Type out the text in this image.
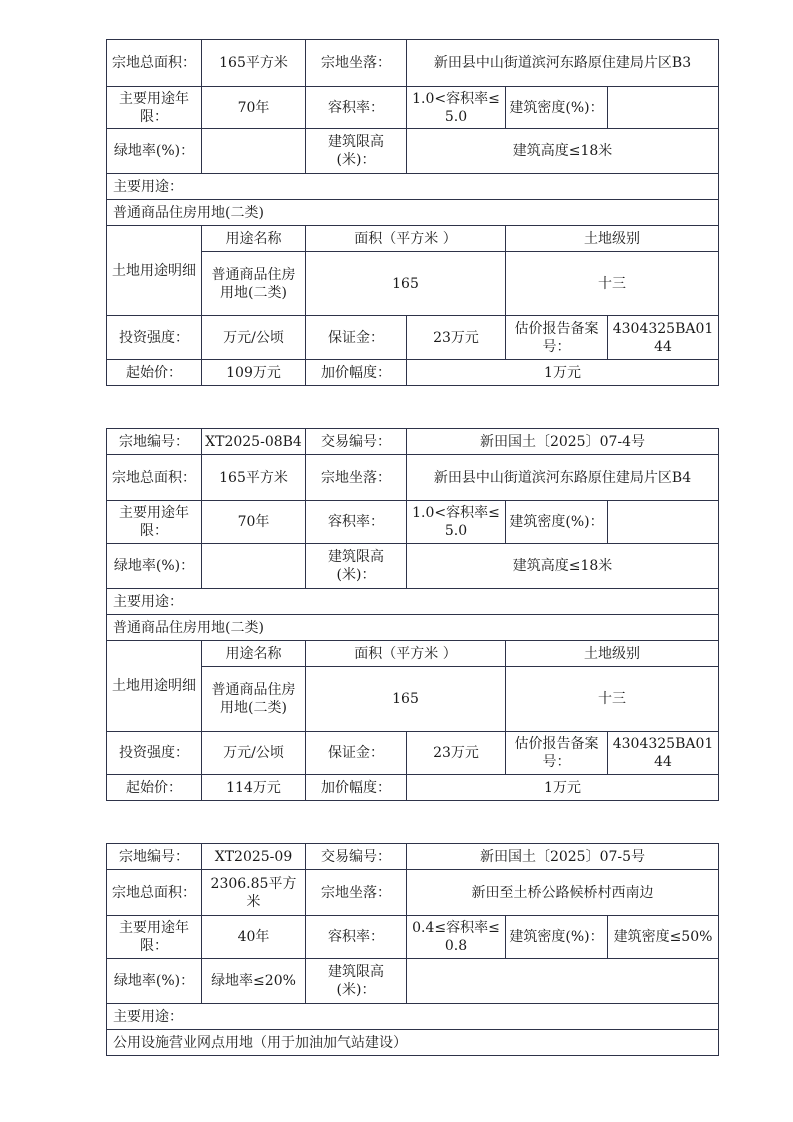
宗地总面积：	165平方米	宗地坐落：	新田县中山街道滨河东路原住建局片区B3		
主要用途年限：	70年	容积率：	1.0<容积率≤5.0	建筑密度(%)：	
绿地率(%)：		建筑限高(米)：	建筑高度≤18米		
主要用途：					
普通商品住房用地(二类)					
土地用途明细	用途名称	面积（平方米 ）		土地级别	
	普通商品住房用地(二类)	165		十三	
投资强度：	万元/公顷	保证金：	23万元	估价报告备案号：	4304325BA0144
起始价：	109万元	加价幅度：	1万元		
宗地编号：	XT2025-08B4	交易编号：	新田国土〔2025〕07-4号		
宗地总面积：	165平方米	宗地坐落：	新田县中山街道滨河东路原住建局片区B4		
主要用途年限：	70年	容积率：	1.0<容积率≤5.0	建筑密度(%)：	
绿地率(%)：		建筑限高(米)：	建筑高度≤18米		
主要用途：					
普通商品住房用地(二类)					
土地用途明细	用途名称	面积（平方米 ）		土地级别	
	普通商品住房用地(二类)	165		十三	
投资强度：	万元/公顷	保证金：	23万元	估价报告备案号：	4304325BA0144
起始价：	114万元	加价幅度：	1万元		
宗地编号：	XT2025-09	交易编号：	新田国土〔2025〕07-5号		
宗地总面积：	2306.85平方米	宗地坐落：	新田至土桥公路候桥村西南边		
主要用途年限：	40年	容积率：	0.4≤容积率≤0.8	建筑密度(%)：	建筑密度≤50%
绿地率(%)：	绿地率≤20%	建筑限高(米)：			
主要用途：					
公用设施营业网点用地（用于加油加气站建设）					
